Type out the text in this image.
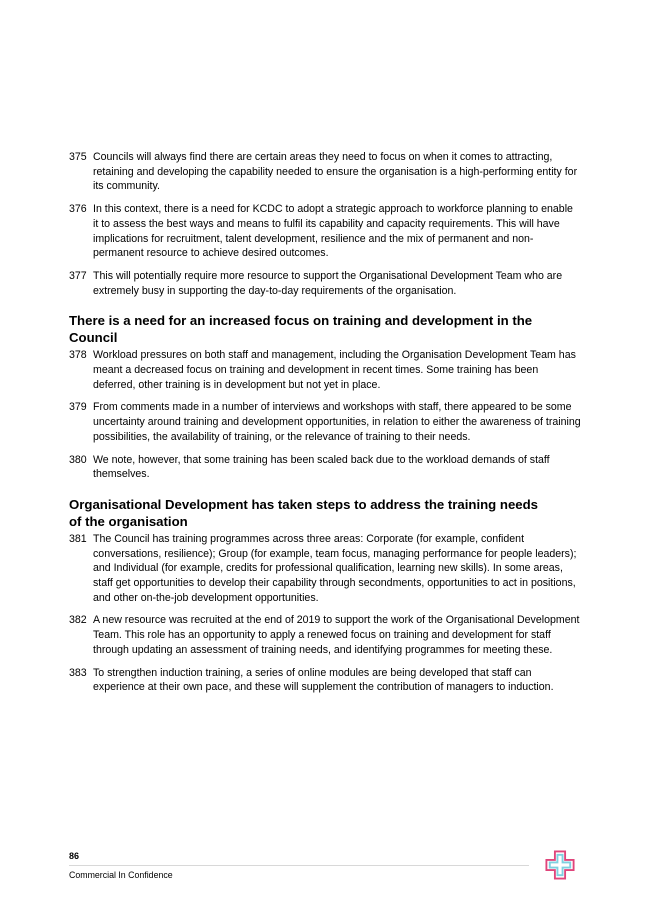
375 Councils will always find there are certain areas they need to focus on when it comes to attracting, retaining and developing the capability needed to ensure the organisation is a high-performing entity for its community.
376 In this context, there is a need for KCDC to adopt a strategic approach to workforce planning to enable it to assess the best ways and means to fulfil its capability and capacity requirements. This will have implications for recruitment, talent development, resilience and the mix of permanent and non-permanent resource to achieve desired outcomes.
377 This will potentially require more resource to support the Organisational Development Team who are extremely busy in supporting the day-to-day requirements of the organisation.
There is a need for an increased focus on training and development in the Council
378 Workload pressures on both staff and management, including the Organisation Development Team has meant a decreased focus on training and development in recent times. Some training has been deferred, other training is in development but not yet in place.
379 From comments made in a number of interviews and workshops with staff, there appeared to be some uncertainty around training and development opportunities, in relation to either the awareness of training possibilities, the availability of training, or the relevance of training to their needs.
380 We note, however, that some training has been scaled back due to the workload demands of staff themselves.
Organisational Development has taken steps to address the training needs of the organisation
381 The Council has training programmes across three areas: Corporate (for example, confident conversations, resilience); Group (for example, team focus, managing performance for people leaders); and Individual (for example, credits for professional qualification, learning new skills). In some areas, staff get opportunities to develop their capability through secondments, opportunities to act in positions, and other on-the-job development opportunities.
382 A new resource was recruited at the end of 2019 to support the work of the Organisational Development Team. This role has an opportunity to apply a renewed focus on training and development for staff through updating an assessment of training needs, and identifying programmes for meeting these.
383 To strengthen induction training, a series of online modules are being developed that staff can experience at their own pace, and these will supplement the contribution of managers to induction.
86
Commercial In Confidence
